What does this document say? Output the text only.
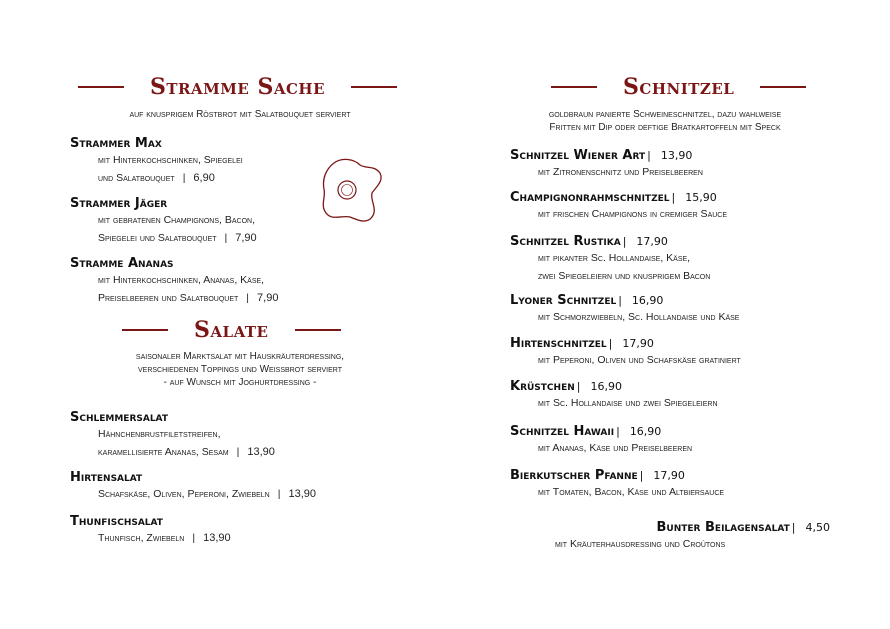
Stramme Sache
auf knusprigem Röstbrot mit Salatbouquet serviert
Strammer Max
mit Hinterkochschinken, Spiegelei
und Salatbouquet | 6,90
Strammer Jäger
mit gebratenen Champignons, Bacon,
Spiegelei und Salatbouquet | 7,90
Stramme Ananas
mit Hinterkochschinken, Ananas, Käse,
Preiselbeeren und Salatbouquet | 7,90
Salate
saisonaler Marktsalat mit Hauskräuterdressing,
verschiedenen Toppings und Weissbrot serviert
- auf Wunsch mit Joghurtdressing -
Schlemmersalat
Hähnchenbrustfiletstreifen,
karamellisierte Ananas, Sesam | 13,90
Hirtensalat
Schafskäse, Oliven, Peperoni, Zwiebeln | 13,90
Thunfischsalat
Thunfisch, Zwiebeln | 13,90
Schnitzel
goldbraun panierte Schweineschnitzel, dazu wahlweise
Fritten mit Dip oder deftige Bratkartoffeln mit Speck
Schnitzel Wiener Art | 13,90
mit Zitronenschnitz und Preiselbeeren
Champignonrahmschnitzel | 15,90
mit frischen Champignons in cremiger Sauce
Schnitzel Rustika | 17,90
mit pikanter Sc. Hollandaise, Käse,
zwei Spiegeleiern und knusprigem Bacon
Lyoner Schnitzel | 16,90
mit Schmorzwiebeln, Sc. Hollandaise und Käse
Hirtenschnitzel | 17,90
mit Peperoni, Oliven und Schafskäse gratiniert
Krüstchen | 16,90
mit Sc. Hollandaise und zwei Spiegeleiern
Schnitzel Hawaii | 16,90
mit Ananas, Käse und Preiselbeeren
Bierkutscher Pfanne | 17,90
mit Tomaten, Bacon, Käse und Altbiersauce
Bunter Beilagensalat | 4,50
mit Kräuterhausdressing und Croûtons
